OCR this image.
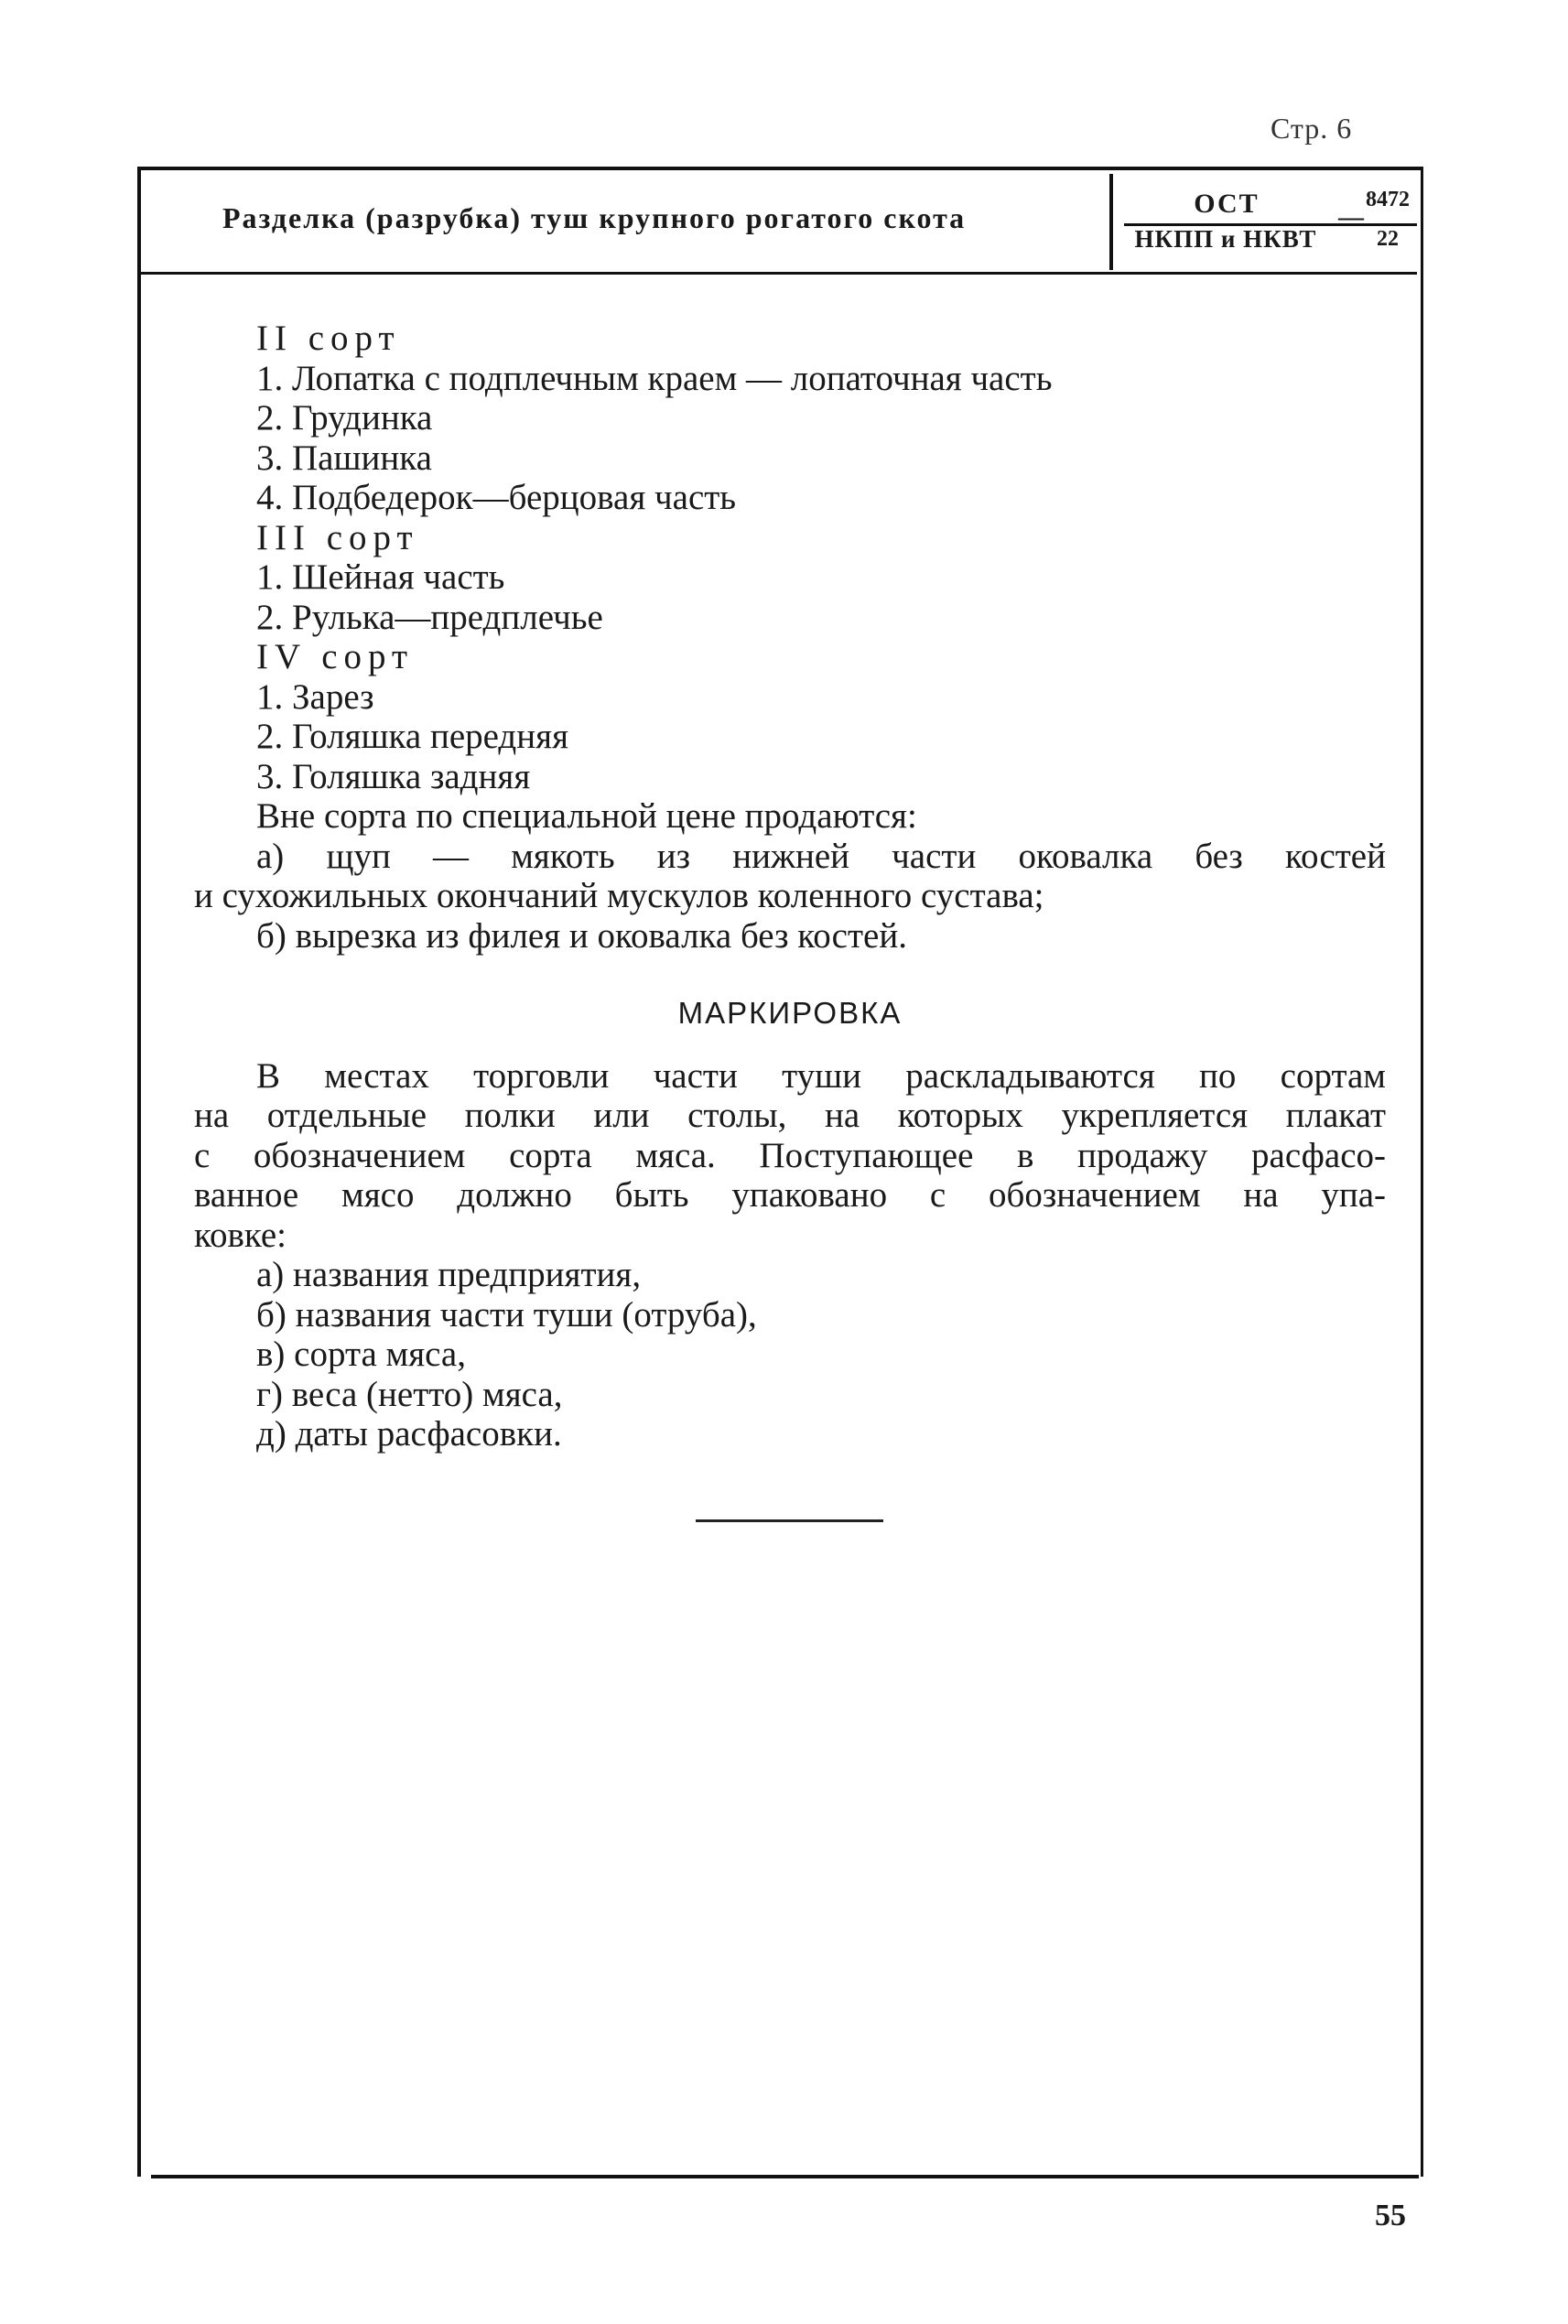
Стр. 6
Разделка (разрубка) туш крупного рогатого скота	ОСТ
НКПП и НКВТ
—
8472
22
II сорт
1. Лопатка с подплечным краем — лопаточная часть
2. Грудинка
3. Пашинка
4. Подбедерок—берцовая часть
III сорт
1. Шейная часть
2. Рулька—предплечье
IV сорт
1. Зарез
2. Голяшка передняя
3. Голяшка задняя
Вне сорта по специальной цене продаются:
а) щуп — мякоть из нижней части оковалка без костей
и сухожильных окончаний мускулов коленного сустава;
б) вырезка из филея и оковалка без костей.
МАРКИРОВКА
В местах торговли части туши раскладываются по сортам
на отдельные полки или столы, на которых укрепляется плакат
с обозначением сорта мяса. Поступающее в продажу расфасо-
ванное мясо должно быть упаковано с обозначением на упа-
ковке:
а) названия предприятия,
б) названия части туши (отруба),
в) сорта мяса,
г) веса (нетто) мяса,
д) даты расфасовки.
55
